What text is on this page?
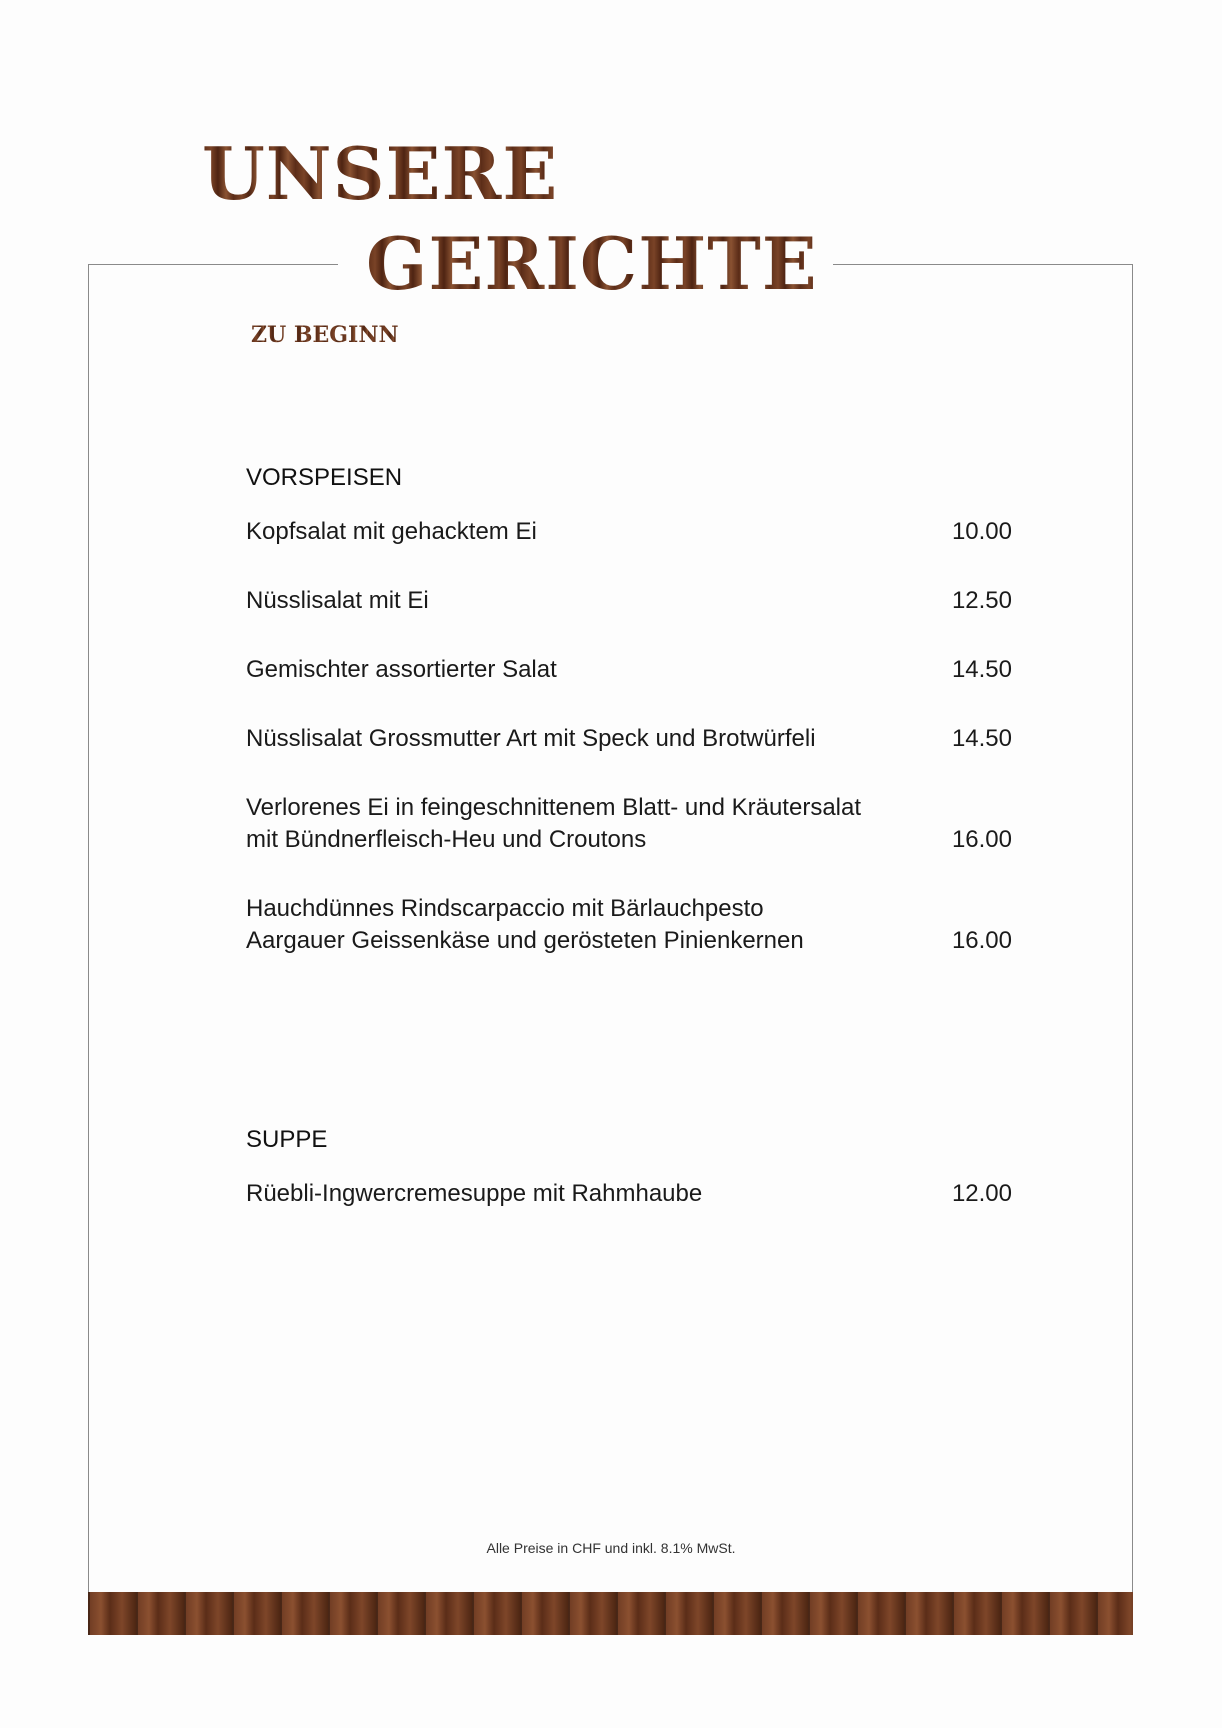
UNSERE
GERICHTE
ZU BEGINN
VORSPEISEN
Kopfsalat mit gehacktem Ei	10.00
Nüsslisalat mit Ei	12.50
Gemischter assortierter Salat	14.50
Nüsslisalat Grossmutter Art mit Speck und Brotwürfeli	14.50
Verlorenes Ei in feingeschnittenem Blatt- und Kräutersalat
mit Bündnerfleisch-Heu und Croutons	16.00
Hauchdünnes Rindscarpaccio mit Bärlauchpesto
Aargauer Geissenkäse und gerösteten Pinienkernen	16.00
SUPPE
Rüebli-Ingwercremesuppe mit Rahmhaube	12.00
Alle Preise in CHF und inkl. 8.1% MwSt.
